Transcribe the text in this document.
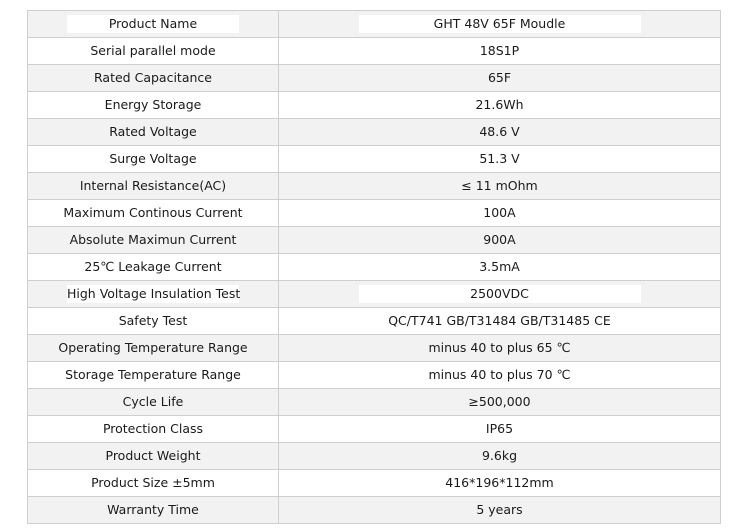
Product Name	GHT 48V 65F Moudle
Serial parallel mode	18S1P
Rated Capacitance	65F
Energy Storage	21.6Wh
Rated Voltage	48.6 V
Surge Voltage	51.3 V
Internal Resistance(AC)	≤ 11 mOhm
Maximum Continous Current	100A
Absolute Maximun Current	900A
25℃ Leakage Current	3.5mA
High Voltage Insulation Test	2500VDC
Safety Test	QC/T741 GB/T31484 GB/T31485 CE
Operating Temperature Range	minus 40 to plus 65 ℃
Storage Temperature Range	minus 40 to plus 70 ℃
Cycle Life	≥500,000
Protection Class	IP65
Product Weight	9.6kg
Product Size ±5mm	416*196*112mm
Warranty Time	5 years
